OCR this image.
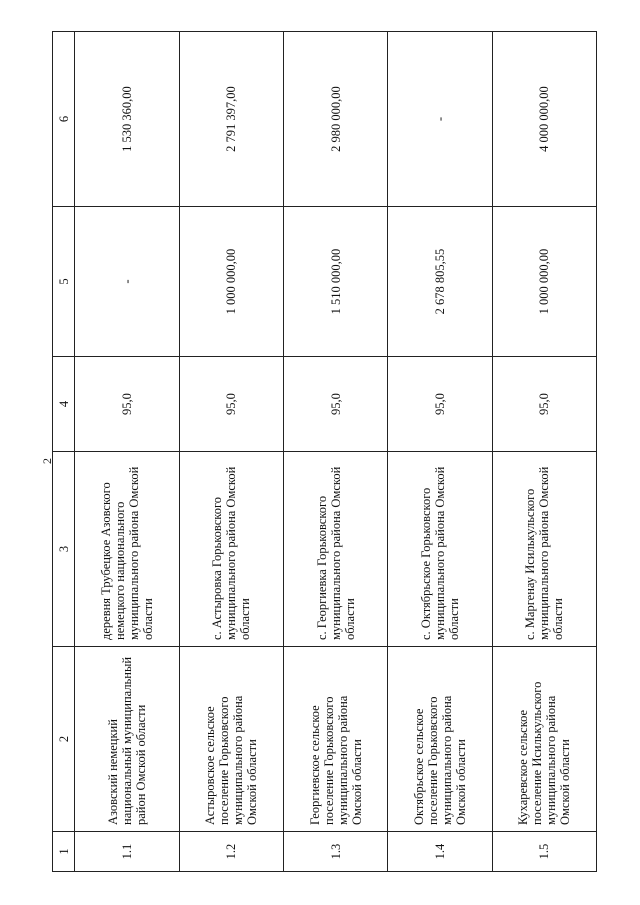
2
1	2	3	4	5	6
1.1	Азовский немецкий национальный муниципальный район Омской области	деревня Трубецкое Азовского немецкого национального муниципального района Омской области	95,0	-	1 530 360,00
1.2	Астыровское сельское поселение Горьковского муниципального района Омской области	с. Астыровка Горьковского муниципального района Омской области	95,0	1 000 000,00	2 791 397,00
1.3	Георгиевское сельское поселение Горьковского муниципального района Омской области	с. Георгиевка Горьковского муниципального района Омской области	95,0	1 510 000,00	2 980 000,00
1.4	Октябрьское сельское поселение Горьковского муниципального района Омской области	с. Октябрьское Горьковского муниципального района Омской области	95,0	2 678 805,55	-
1.5	Кухаревское сельское поселение Исилькульского муниципального района Омской области	с. Маргенау Исилькульского муниципального района Омской области	95,0	1 000 000,00	4 000 000,00
